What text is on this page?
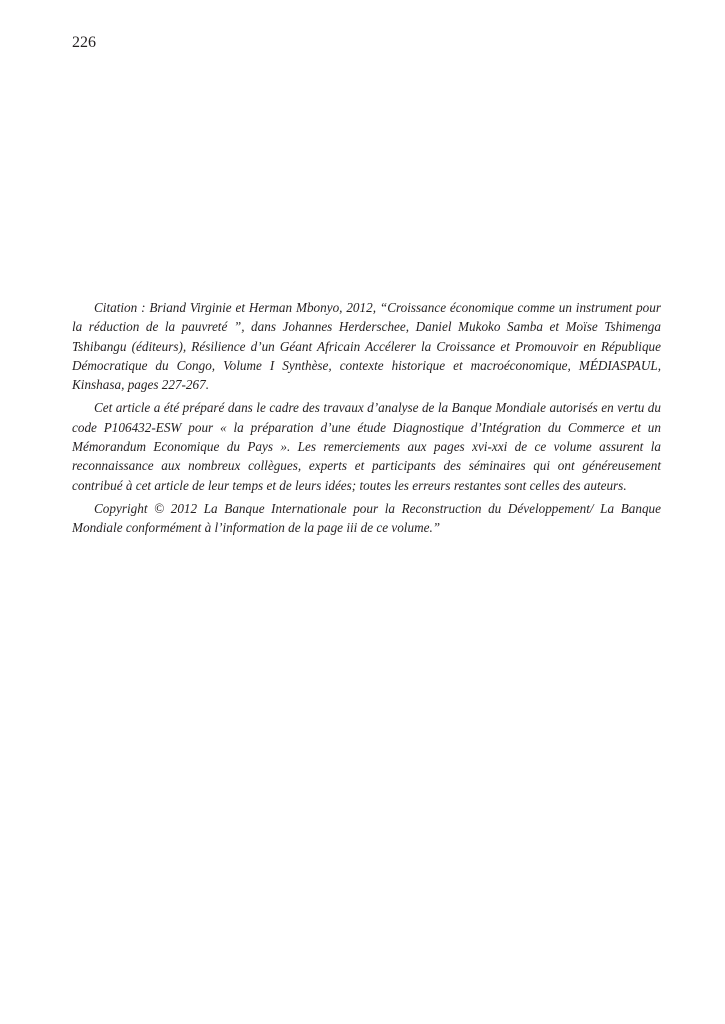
226

Citation : Briand Virginie et Herman Mbonyo, 2012, “Croissance économique comme un instrument pour la réduction de la pauvreté ”, dans Johannes Herderschee, Daniel Mukoko Samba et Moïse Tshimenga Tshibangu (éditeurs), Résilience d’un Géant Africain Accélerer la Croissance et Promouvoir en République Démocratique du Congo, Volume I Synthèse, contexte historique et macroéconomique, MÉDIASPAUL, Kinshasa, pages 227-267.

Cet article a été préparé dans le cadre des travaux d’analyse de la Banque Mondiale autorisés en vertu du code P106432-ESW pour « la préparation d’une étude Diagnostique d’Intégration du Commerce et un Mémorandum Economique du Pays ». Les remerciements aux pages xvi-xxi de ce volume assurent la reconnaissance aux nombreux collègues, experts et participants des séminaires qui ont généreusement contribué à cet article de leur temps et de leurs idées; toutes les erreurs restantes sont celles des auteurs.

Copyright © 2012 La Banque Internationale pour la Reconstruction du Développement/ La Banque Mondiale conformément à l’information de la page iii de ce volume.”
